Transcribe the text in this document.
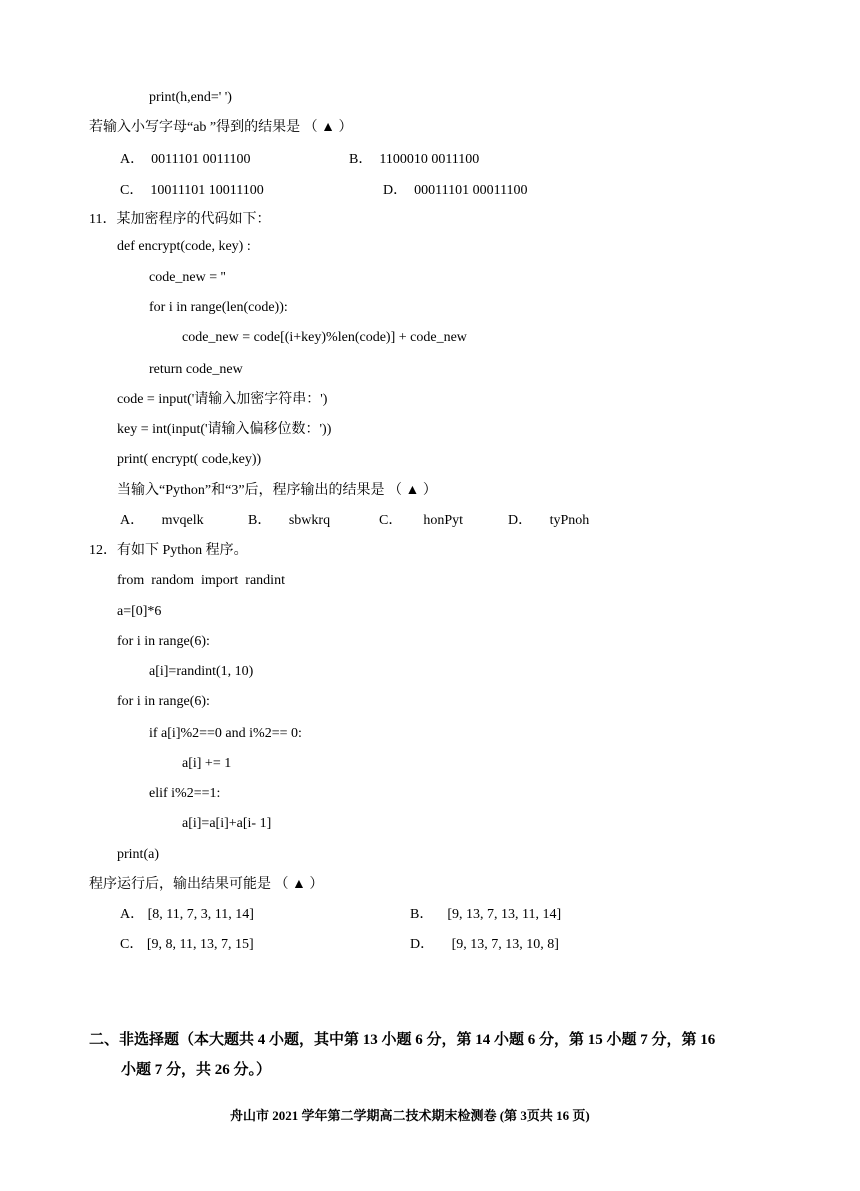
print(h,end=' ')
若输入小写字母“ab ”得到的结果是 （ ▲ ）
A． 0011101 0011100	B． 1100010 0011100
C． 10011101 10011100	D． 00011101 00011100
11．某加密程序的代码如下：
def encrypt(code, key) :
code_new = ''
for i in range(len(code)):
code_new = code[(i+key)%len(code)] + code_new
return code_new
code = input('请输入加密字符串：')
key = int(input('请输入偏移位数：'))
print( encrypt( code,key))
当输入“Python”和“3”后，程序输出的结果是 （ ▲ ）
A． mvqelk	B． sbwkrq	C． honPyt	D． tyPnoh
12．有如下 Python 程序。
from  random  import  randint
a=[0]*6
for i in range(6):
a[i]=randint(1, 10)
for i in range(6):
if a[i]%2==0 and i%2== 0:
a[i] += 1
elif i%2==1:
a[i]=a[i]+a[i- 1]
print(a)
程序运行后，输出结果可能是 （ ▲ ）
A． [8, 11, 7, 3, 11, 14]	B． [9, 13, 7, 13, 11, 14]
C． [9, 8, 11, 13, 7, 15]	D． [9, 13, 7, 13, 10, 8]
二、非选择题（本大题共 4 小题，其中第 13 小题 6 分，第 14 小题 6 分，第 15 小题 7 分，第 16
小题 7 分，共 26 分。）
舟山市 2021 学年第二学期高二技术期末检测卷 (第 3页共 16 页)
